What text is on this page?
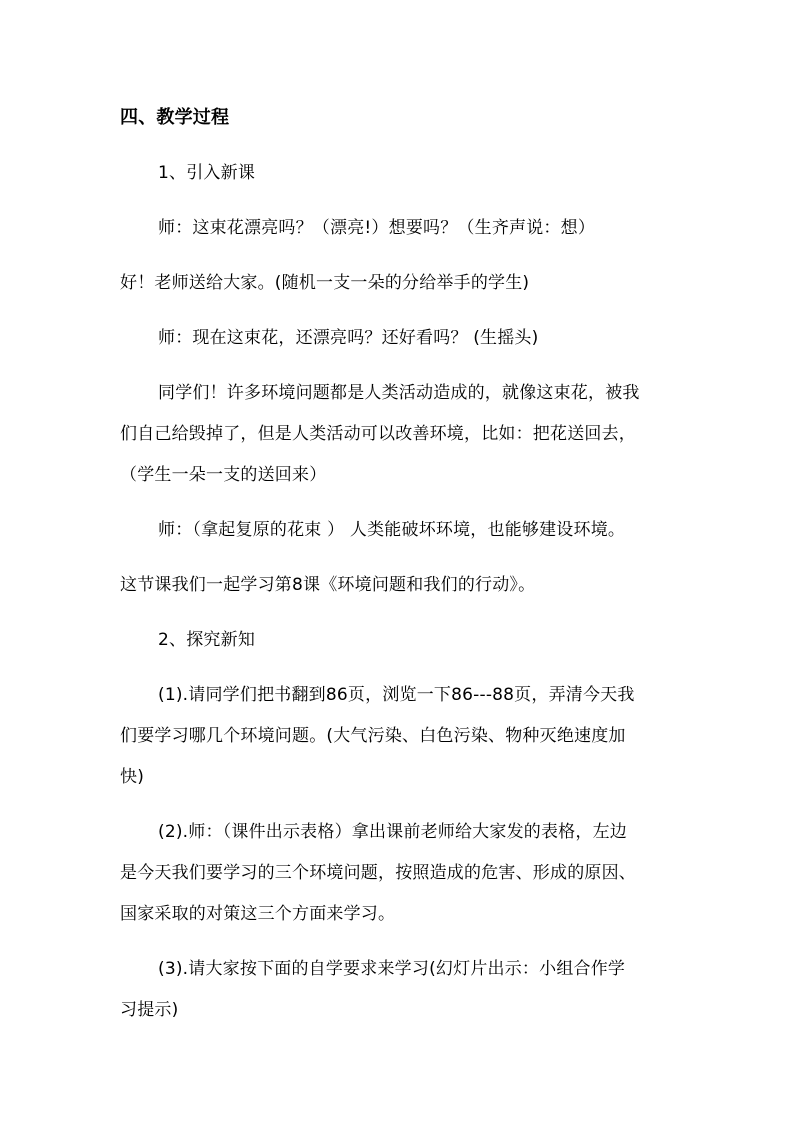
四、教学过程
1、引入新课
师：这束花漂亮吗？（漂亮!）想要吗？（生齐声说：想）
好！老师送给大家。(随机一支一朵的分给举手的学生)
师：现在这束花，还漂亮吗？还好看吗？ (生摇头)
同学们！许多环境问题都是人类活动造成的，就像这束花，被我
们自己给毁掉了，但是人类活动可以改善环境，比如：把花送回去，
（学生一朵一支的送回来）
师：（拿起复原的花束 ） 人类能破坏环境，也能够建设环境。
这节课我们一起学习第8课《环境问题和我们的行动》。
2、探究新知
(1).请同学们把书翻到86页，浏览一下86---88页，弄清今天我
们要学习哪几个环境问题。(大气污染、白色污染、物种灭绝速度加
快)
(2).师：（课件出示表格）拿出课前老师给大家发的表格，左边
是今天我们要学习的三个环境问题，按照造成的危害、形成的原因、
国家采取的对策这三个方面来学习。
(3).请大家按下面的自学要求来学习(幻灯片出示：小组合作学
习提示)
